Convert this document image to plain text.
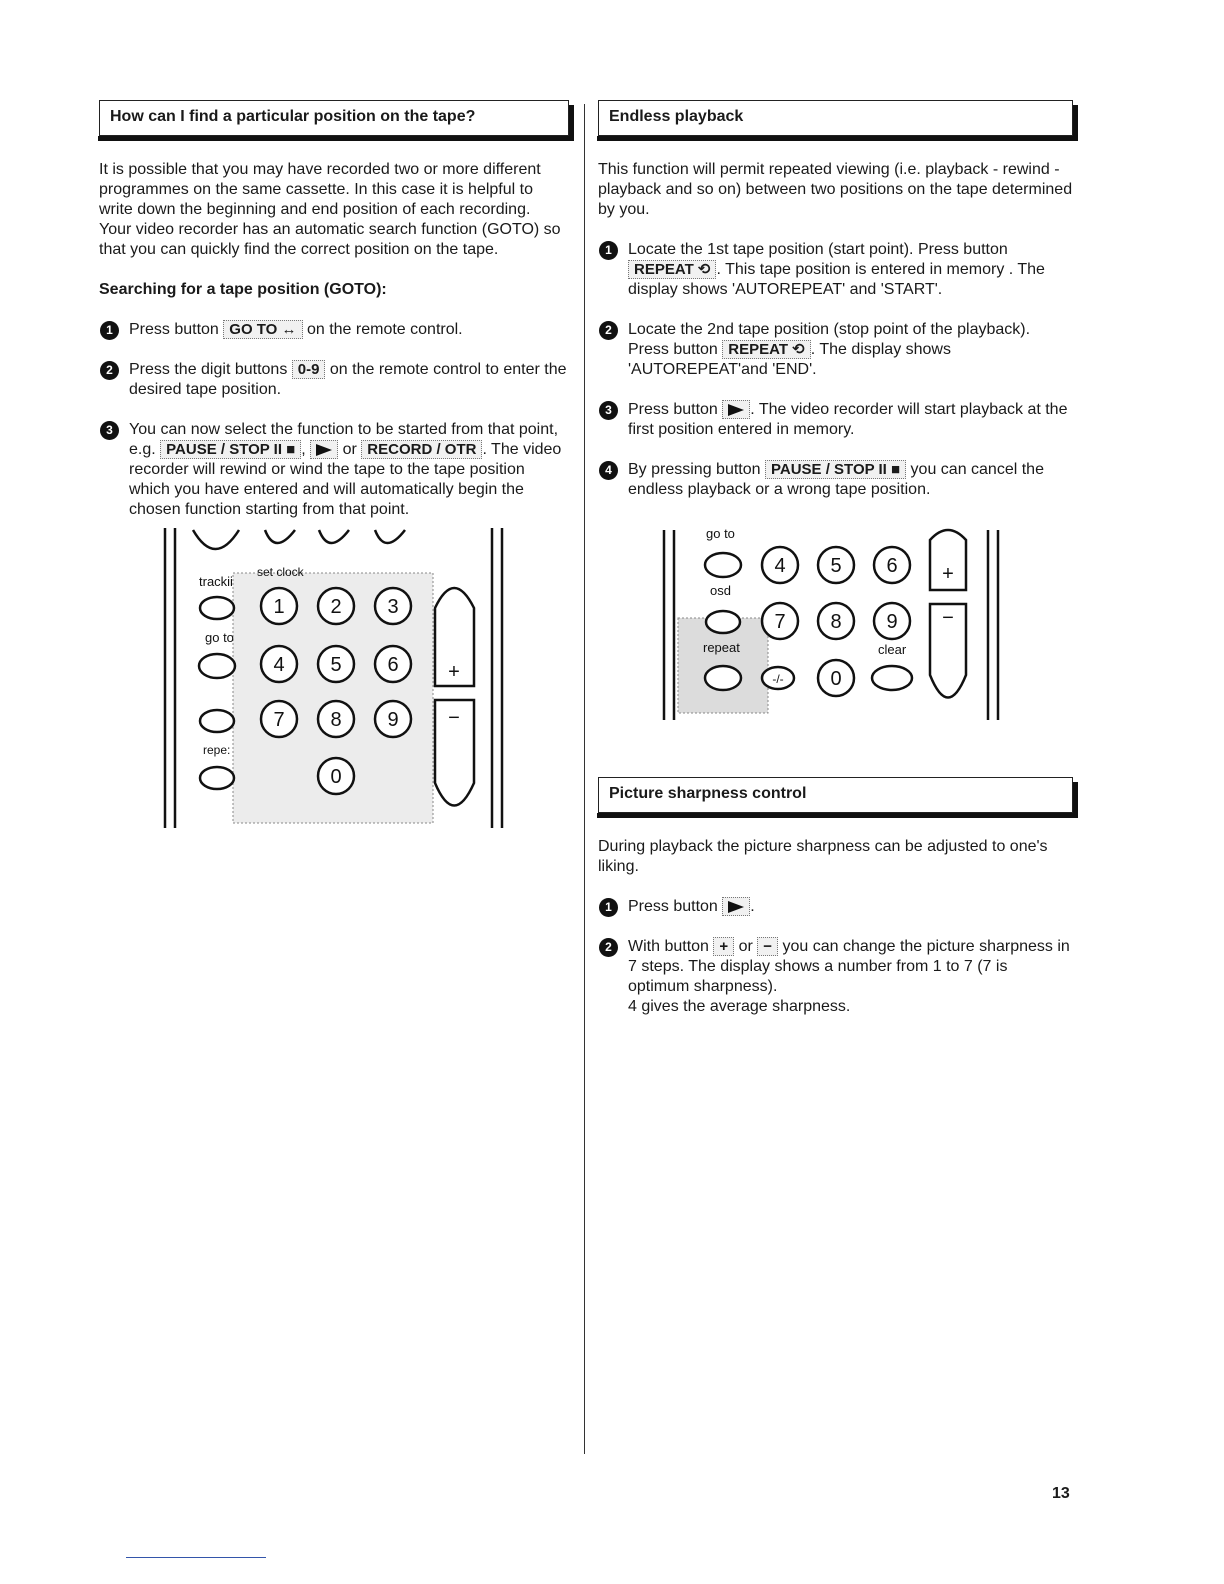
How can I find a particular position on the tape?

It is possible that you may have recorded two or more different programmes on the same cassette. In this case it is helpful to write down the beginning and end position of each recording.

Your video recorder has an automatic search function (GOTO) so that you can quickly find the correct position on the tape.

Searching for a tape position (GOTO):

1	Press button GO TO ↔ on the remote control.
2	Press the digit buttons 0-9 on the remote control to enter the desired tape position.
3	You can now select the function to be started from that point, e.g. PAUSE / STOP II ■ ,  or RECORD / OTR . The video recorder will rewind or wind the tape to the tape position which you have entered and will automatically begin the chosen function starting from that point.
trackii
set clock
go to
repe:
1 2 3
4 5 6
7 8 9
0
+
−
Endless playback

This function will permit repeated viewing (i.e. playback - rewind - playback and so on) between two positions on the tape determined by you.

1	Locate the 1st tape position (start point). Press button REPEAT ⟲ . This tape position is entered in memory . The display shows 'AUTOREPEAT' and 'START'.
2	Locate the 2nd tape position (stop point of the playback). Press button REPEAT ⟲ . The display shows 'AUTOREPEAT'and 'END'.
3	Press button . The video recorder will start playback at the first position entered in memory.
4	By pressing button PAUSE / STOP II ■ you can cancel the endless playback or a wrong tape position.
go to
osd
repeat	clear
4 5 6
7 8 9
0
+
−
-/-
Picture sharpness control

During playback the picture sharpness can be adjusted to one's liking.

1	Press button .
2	With button + or − you can change the picture sharpness in 7 steps. The display shows a number from 1 to 7 (7 is optimum sharpness).
4 gives the average sharpness.
13
